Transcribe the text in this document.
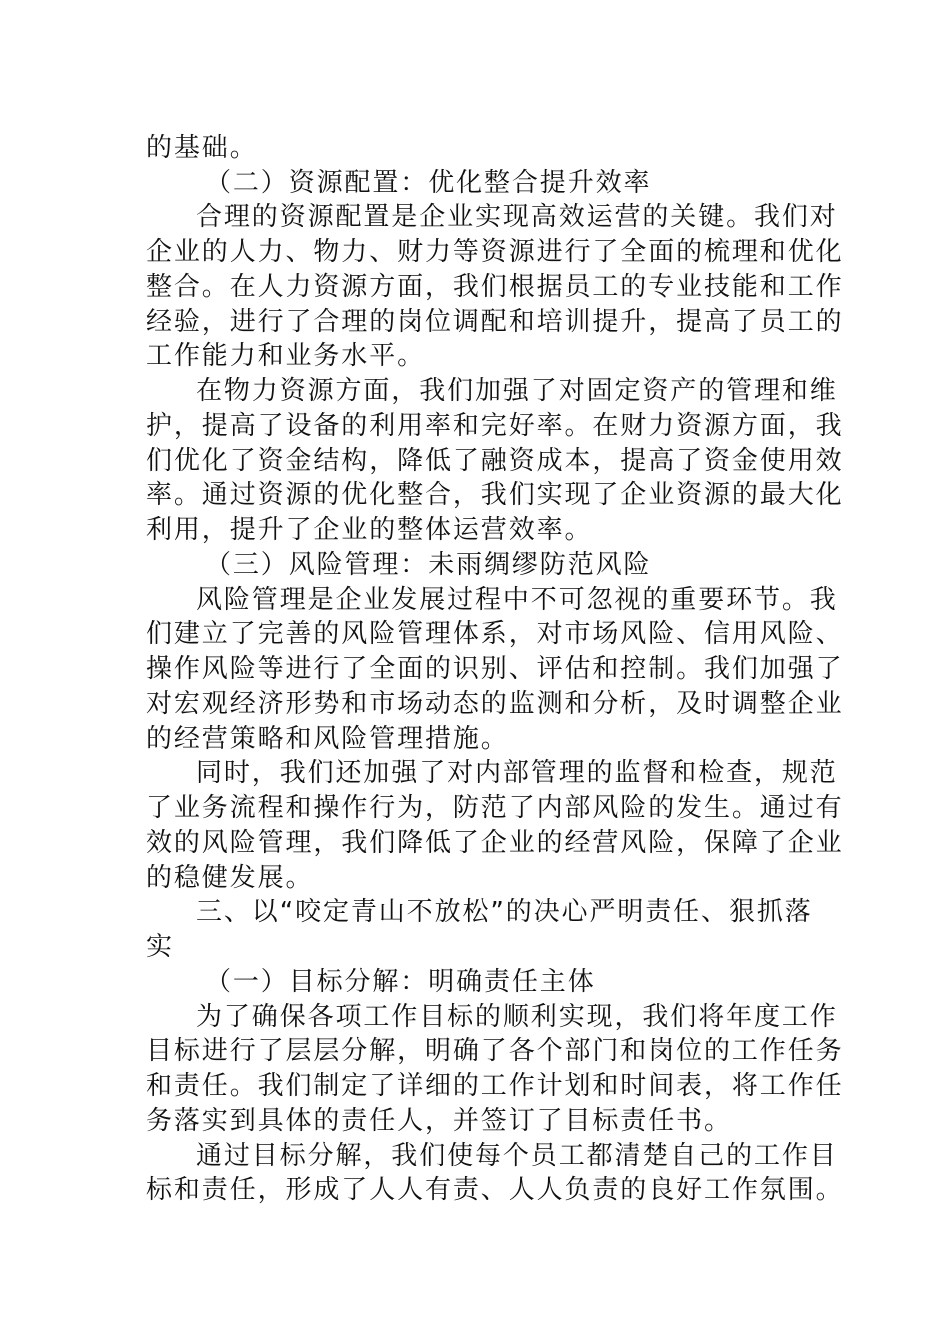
的基础。
（二）资源配置：优化整合提升效率
合理的资源配置是企业实现高效运营的关键。我们对
企业的人力、物力、财力等资源进行了全面的梳理和优化
整合。在人力资源方面，我们根据员工的专业技能和工作
经验，进行了合理的岗位调配和培训提升，提高了员工的
工作能力和业务水平。
在物力资源方面，我们加强了对固定资产的管理和维
护，提高了设备的利用率和完好率。在财力资源方面，我
们优化了资金结构，降低了融资成本，提高了资金使用效
率。通过资源的优化整合，我们实现了企业资源的最大化
利用，提升了企业的整体运营效率。
（三）风险管理：未雨绸缪防范风险
风险管理是企业发展过程中不可忽视的重要环节。我
们建立了完善的风险管理体系，对市场风险、信用风险、
操作风险等进行了全面的识别、评估和控制。我们加强了
对宏观经济形势和市场动态的监测和分析，及时调整企业
的经营策略和风险管理措施。
同时，我们还加强了对内部管理的监督和检查，规范
了业务流程和操作行为，防范了内部风险的发生。通过有
效的风险管理，我们降低了企业的经营风险，保障了企业
的稳健发展。
三、以“咬定青山不放松”的决心严明责任、狠抓落
实
（一）目标分解：明确责任主体
为了确保各项工作目标的顺利实现，我们将年度工作
目标进行了层层分解，明确了各个部门和岗位的工作任务
和责任。我们制定了详细的工作计划和时间表，将工作任
务落实到具体的责任人，并签订了目标责任书。
通过目标分解，我们使每个员工都清楚自己的工作目
标和责任，形成了人人有责、人人负责的良好工作氛围。
